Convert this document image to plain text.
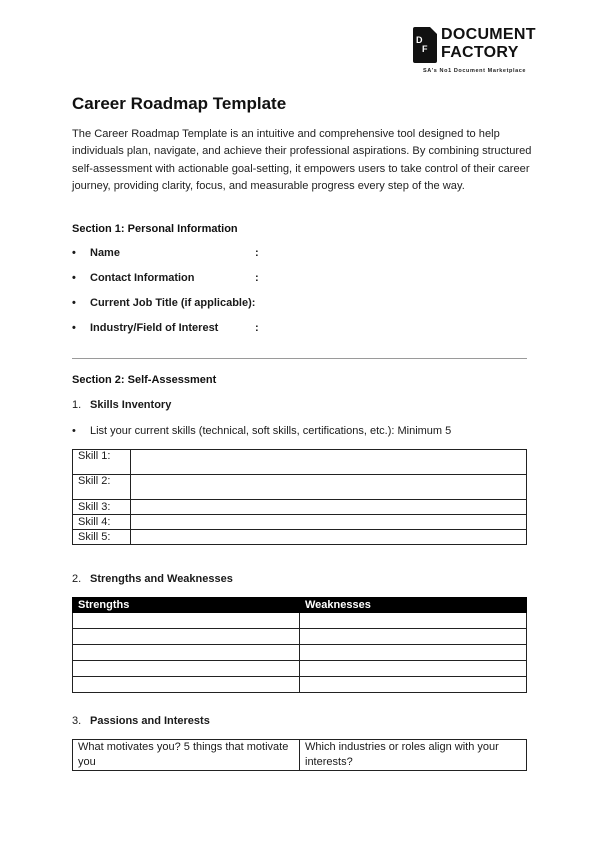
D
F
DOCUMENT
FACTORY
SA's No1 Document Marketplace
Career Roadmap Template

The Career Roadmap Template is an intuitive and comprehensive tool designed to help individuals plan, navigate, and achieve their professional aspirations. By combining structured self-assessment with actionable goal-setting, it empowers users to take control of their career journey, providing clarity, focus, and measurable progress every step of the way.

Section 1: Personal Information
• Name	:
• Contact Information	:
• Current Job Title (if applicable):
• Industry/Field of Interest	:
Section 2: Self-Assessment
1. Skills Inventory
• List your current skills (technical, soft skills, certifications, etc.): Minimum 5
Skill 1:	
Skill 2:	
Skill 3:	
Skill 4:	
Skill 5:	
2. Strengths and Weaknesses
Strengths	Weaknesses

3. Passions and Interests
What motivates you? 5 things that motivate you	Which industries or roles align with your interests?
